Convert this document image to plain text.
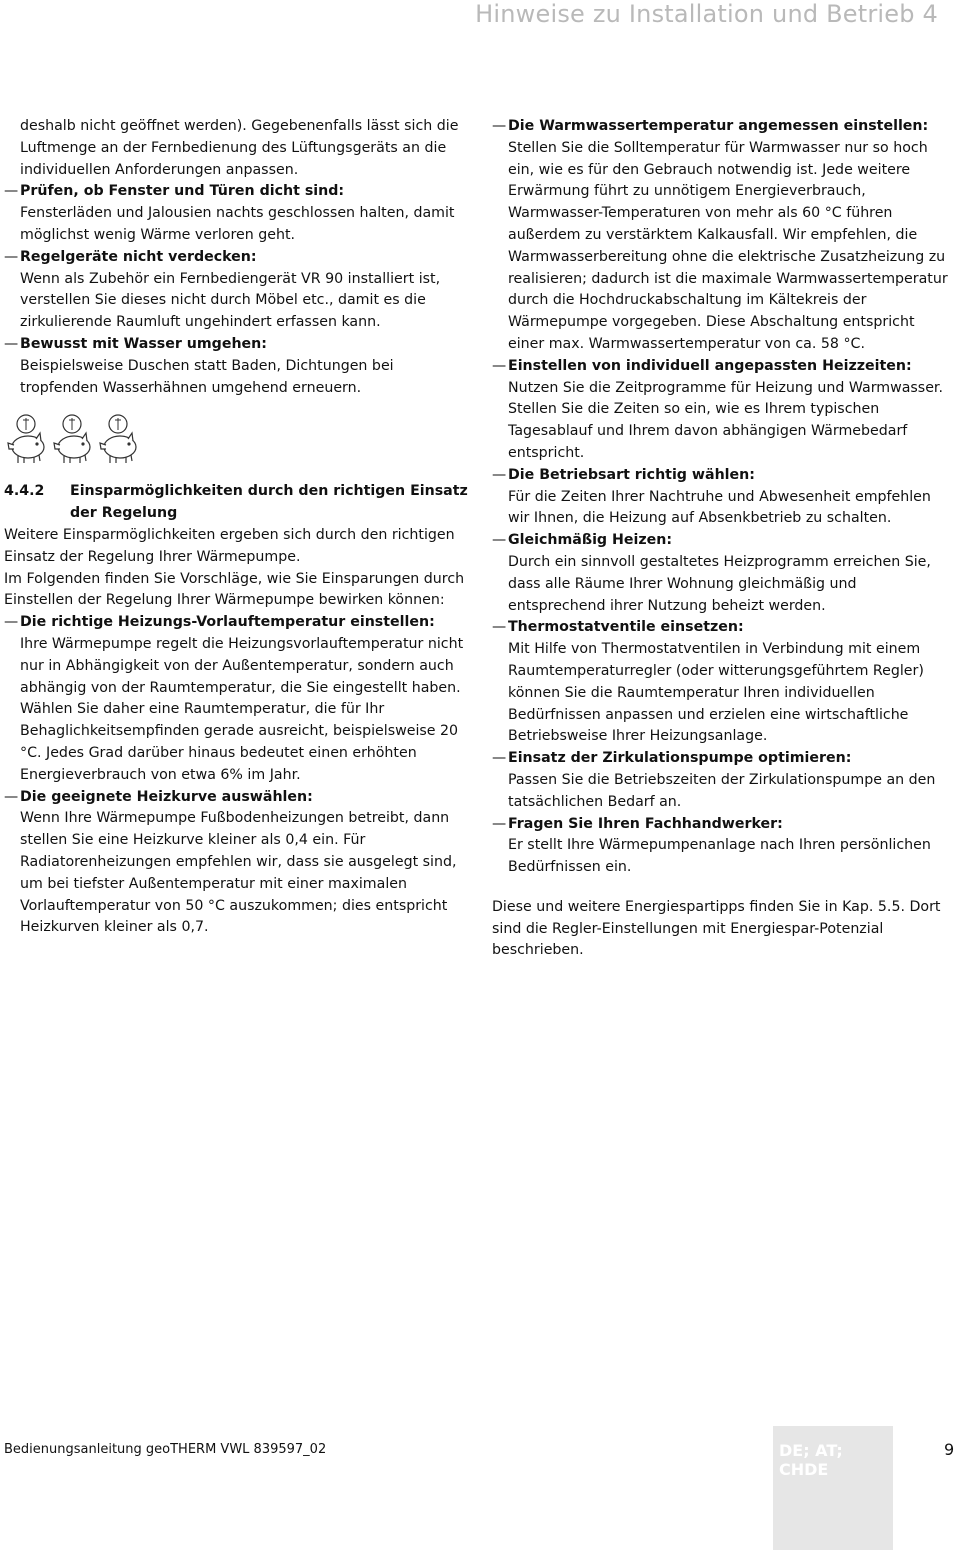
Hinweise zu Installation und Betrieb 4

deshalb nicht geöffnet werden). Gegebenenfalls lässt sich die Luftmenge an der Fernbedienung des Lüftungsgeräts an die individuellen Anforderungen anpassen.

— Prüfen, ob Fenster und Türen dicht sind:

Fensterläden und Jalousien nachts geschlossen halten, damit möglichst wenig Wärme verloren geht.

— Regelgeräte nicht verdecken:

Wenn als Zubehör ein Fernbediengerät VR 90 installiert ist, verstellen Sie dieses nicht durch Möbel etc., damit es die zirkulierende Raumluft ungehindert erfassen kann.

— Bewusst mit Wasser umgehen:

Beispielsweise Duschen statt Baden, Dichtungen bei tropfenden Wasserhähnen umgehend erneuern.

4.4.2	Einsparmöglichkeiten durch den richtigen Einsatz der Regelung

Weitere Einsparmöglichkeiten ergeben sich durch den richtigen Einsatz der Regelung Ihrer Wärmepumpe.

Im Folgenden finden Sie Vorschläge, wie Sie Einsparungen durch Einstellen der Regelung Ihrer Wärmepumpe bewirken können:

— Die richtige Heizungs-Vorlauftemperatur einstellen:

Ihre Wärmepumpe regelt die Heizungsvorlauftemperatur nicht nur in Abhängigkeit von der Außentemperatur, sondern auch abhängig von der Raumtemperatur, die Sie eingestellt haben. Wählen Sie daher eine Raumtemperatur, die für Ihr Behaglichkeitsempfinden gerade ausreicht, beispielsweise 20 °C. Jedes Grad darüber hinaus bedeutet einen erhöhten Energieverbrauch von etwa 6% im Jahr.

— Die geeignete Heizkurve auswählen:

Wenn Ihre Wärmepumpe Fußbodenheizungen betreibt, dann stellen Sie eine Heizkurve kleiner als 0,4 ein. Für Radiatorenheizungen empfehlen wir, dass sie ausgelegt sind, um bei tiefster Außentemperatur mit einer maximalen Vorlauftemperatur von 50 °C auszukommen; dies entspricht Heizkurven kleiner als 0,7.

— Die Warmwassertemperatur angemessen einstellen:

Stellen Sie die Solltemperatur für Warmwasser nur so hoch ein, wie es für den Gebrauch notwendig ist. Jede weitere Erwärmung führt zu unnötigem Energieverbrauch, Warmwasser-Temperaturen von mehr als 60 °C führen außerdem zu verstärktem Kalkausfall. Wir empfehlen, die Warmwasserbereitung ohne die elektrische Zusatzheizung zu realisieren; dadurch ist die maximale Warmwassertemperatur durch die Hochdruckabschaltung im Kältekreis der Wärmepumpe vorgegeben. Diese Abschaltung entspricht einer max. Warmwassertemperatur von ca. 58 °C.

— Einstellen von individuell angepassten Heizzeiten:

Nutzen Sie die Zeitprogramme für Heizung und Warmwasser. Stellen Sie die Zeiten so ein, wie es Ihrem typischen Tagesablauf und Ihrem davon abhängigen Wärmebedarf entspricht.

— Die Betriebsart richtig wählen:

Für die Zeiten Ihrer Nachtruhe und Abwesenheit empfehlen wir Ihnen, die Heizung auf Absenkbetrieb zu schalten.

— Gleichmäßig Heizen:

Durch ein sinnvoll gestaltetes Heizprogramm erreichen Sie, dass alle Räume Ihrer Wohnung gleichmäßig und entsprechend ihrer Nutzung beheizt werden.

— Thermostatventile einsetzen:

Mit Hilfe von Thermostatventilen in Verbindung mit einem Raumtemperaturregler (oder witterungsgeführtem Regler) können Sie die Raumtemperatur Ihren individuellen Bedürfnissen anpassen und erzielen eine wirtschaftliche Betriebsweise Ihrer Heizungsanlage.

— Einsatz der Zirkulationspumpe optimieren:

Passen Sie die Betriebszeiten der Zirkulationspumpe an den tatsächlichen Bedarf an.

— Fragen Sie Ihren Fachhandwerker:

Er stellt Ihre Wärmepumpenanlage nach Ihren persönlichen Bedürfnissen ein.

Diese und weitere Energiespartipps finden Sie in Kap. 5.5. Dort sind die Regler-Einstellungen mit Energiespar-Potenzial beschrieben.

Bedienungsanleitung geoTHERM VWL 839597_02	DE; AT; CHDE
9
